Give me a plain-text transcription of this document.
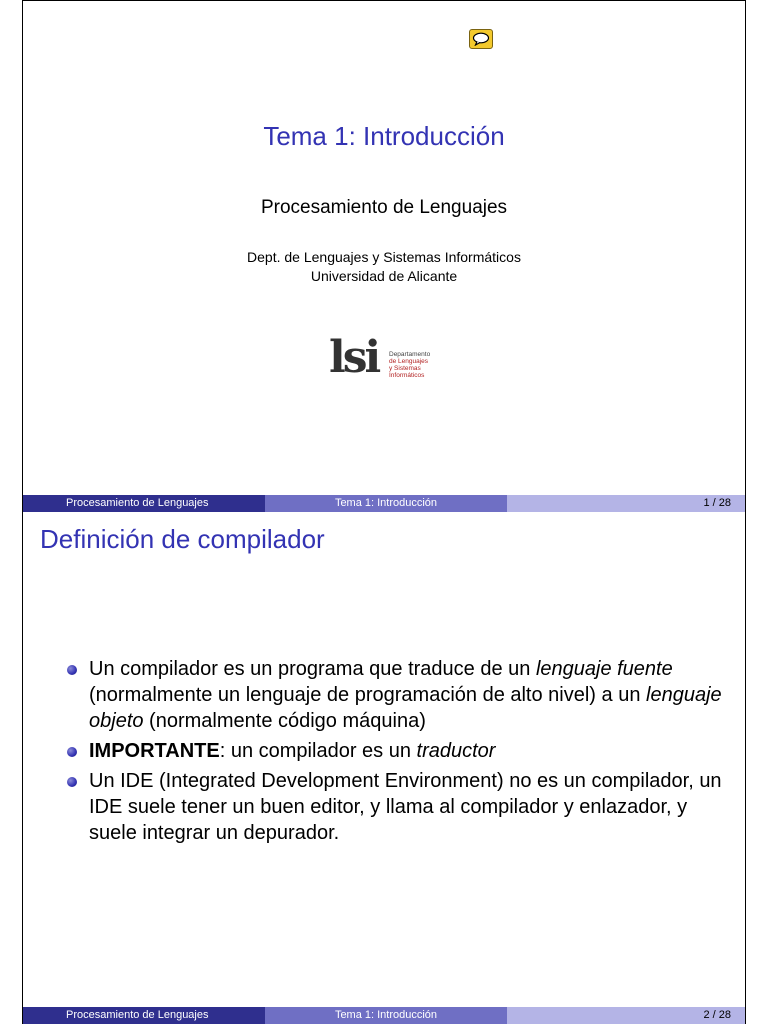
Tema 1: Introducción
Procesamiento de Lenguajes
Dept. de Lenguajes y Sistemas Informáticos
Universidad de Alicante
lsi Departamento
de Lenguajes
y Sistemas
Informáticos
Procesamiento de Lenguajes	Tema 1: Introducción	1 / 28
Definición de compilador
Un compilador es un programa que traduce de un lenguaje fuente (normalmente un lenguaje de programación de alto nivel) a un lenguaje objeto (normalmente código máquina)
IMPORTANTE: un compilador es un traductor
Un IDE (Integrated Development Environment) no es un compilador, un IDE suele tener un buen editor, y llama al compilador y enlazador, y suele integrar un depurador.
Procesamiento de Lenguajes	Tema 1: Introducción	2 / 28
